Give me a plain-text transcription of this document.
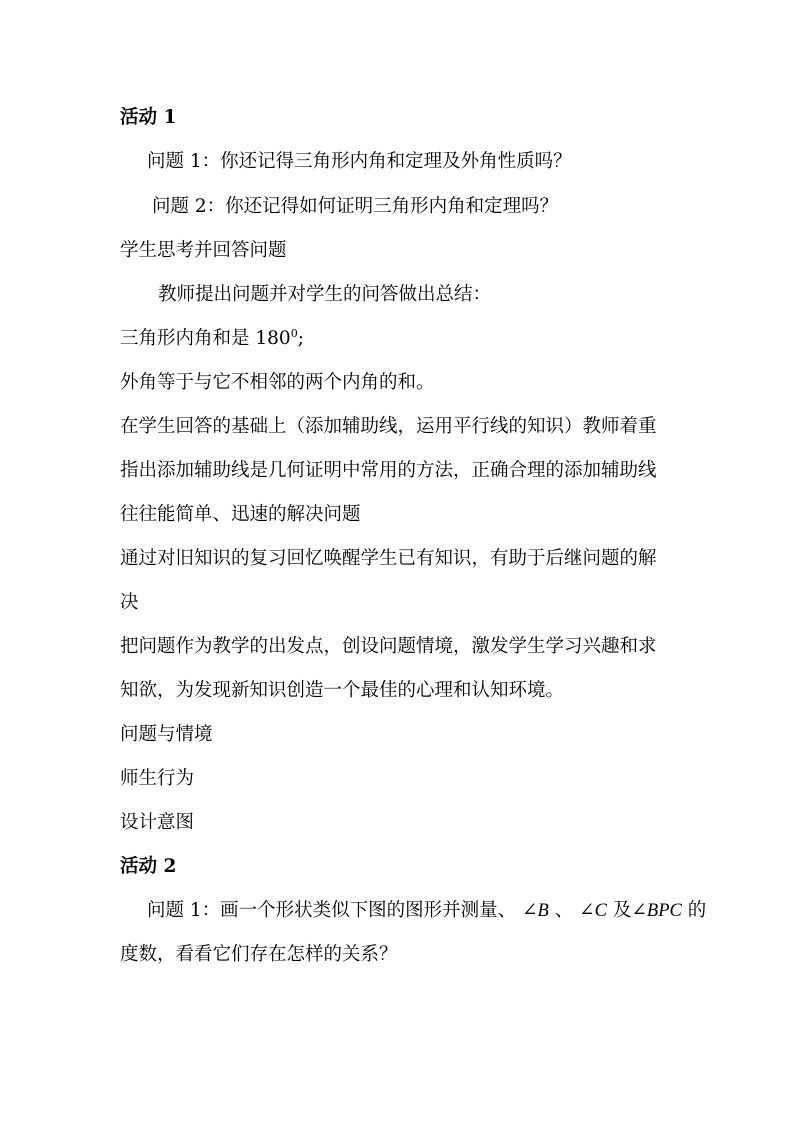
活动 1

问题 1：你还记得三角形内角和定理及外角性质吗？

问题 2：你还记得如何证明三角形内角和定理吗？

学生思考并回答问题

教师提出问题并对学生的问答做出总结：

三角形内角和是 $180^0$;

外角等于与它不相邻的两个内角的和。

在学生回答的基础上（添加辅助线，运用平行线的知识）教师着重

指出添加辅助线是几何证明中常用的方法，正确合理的添加辅助线

往往能简单、迅速的解决问题

通过对旧知识的复习回忆唤醒学生已有知识，有助于后继问题的解

决

把问题作为教学的出发点，创设问题情境，激发学生学习兴趣和求

知欲，为发现新知识创造一个最佳的心理和认知环境。

问题与情境

师生行为

设计意图

活动 2

问题 1：画一个形状类似下图的图形并测量、 ∠B 、 ∠C 及∠BPC 的

度数，看看它们存在怎样的关系？
